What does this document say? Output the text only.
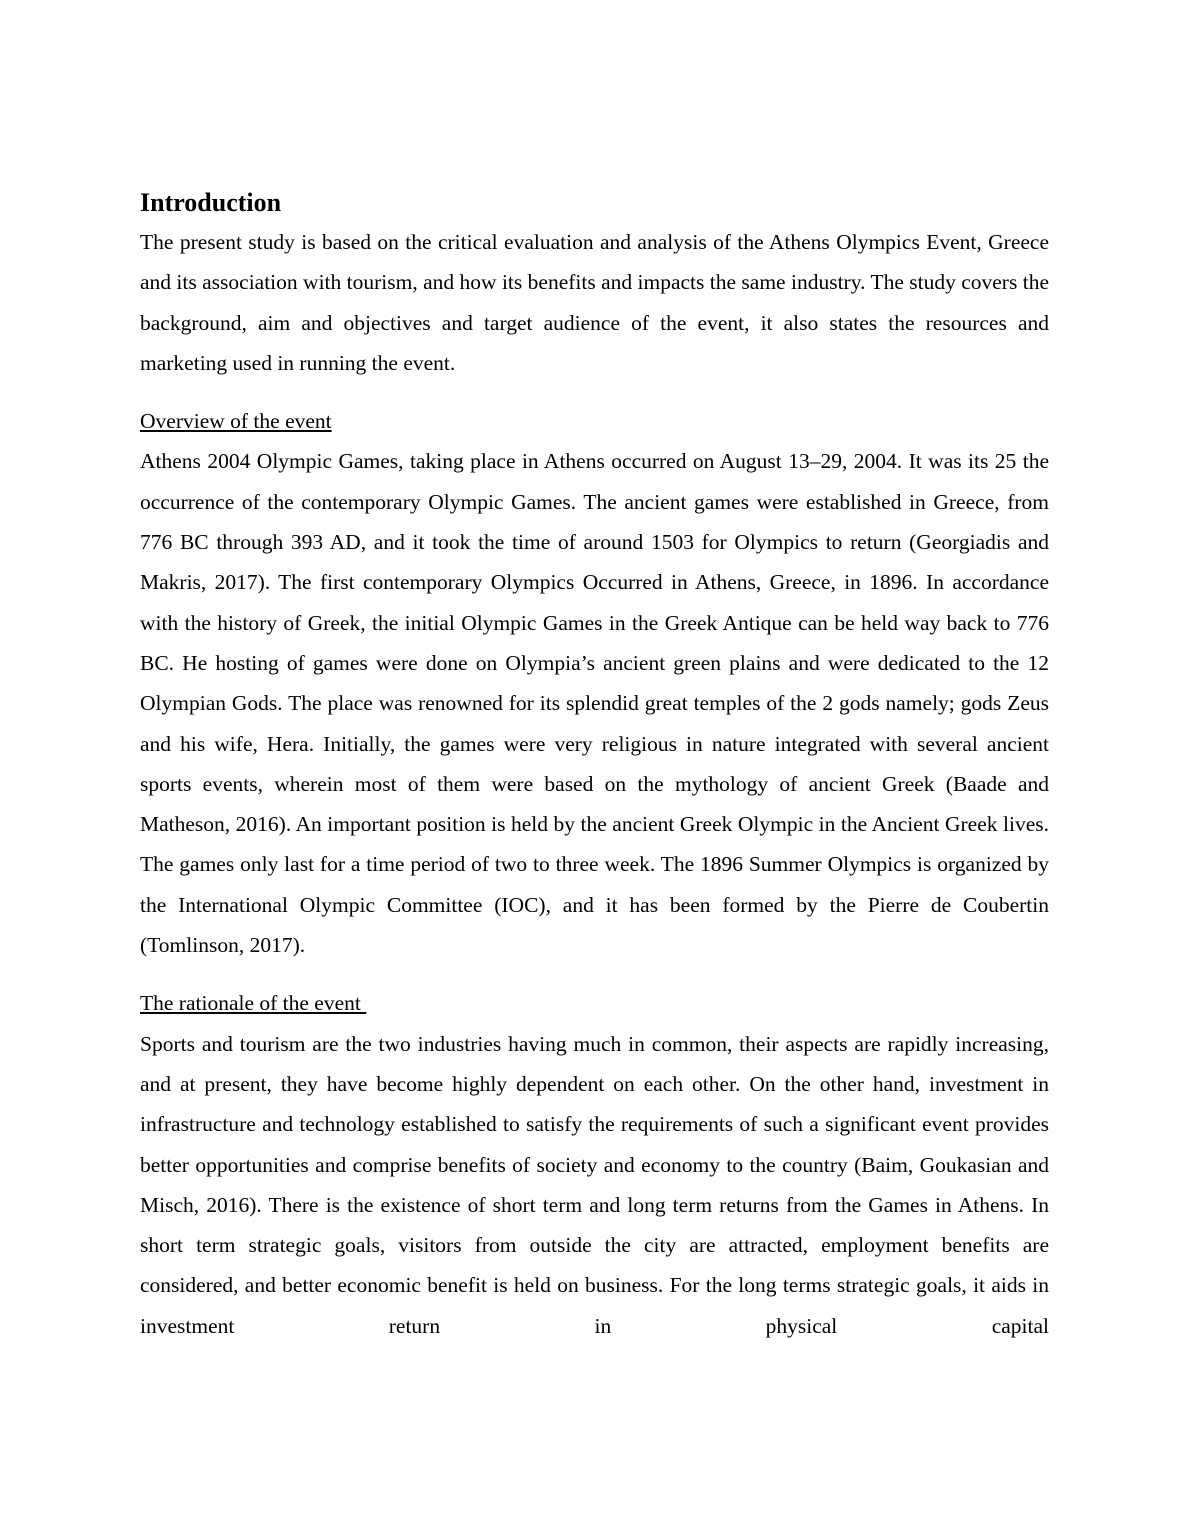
Introduction

The present study is based on the critical evaluation and analysis of the Athens Olympics Event, Greece and its association with tourism, and how its benefits and impacts the same industry. The study covers the background, aim and objectives and target audience of the event, it also states the resources and marketing used in running the event.

Overview of the event

Athens 2004 Olympic Games, taking place in Athens occurred on August 13–29, 2004. It was its 25 the occurrence of the contemporary Olympic Games. The ancient games were established in Greece, from 776 BC through 393 AD, and it took the time of around 1503 for Olympics to return (Georgiadis and Makris, 2017). The first contemporary Olympics Occurred in Athens, Greece, in 1896. In accordance with the history of Greek, the initial Olympic Games in the Greek Antique can be held way back to 776 BC. He hosting of games were done on Olympia’s ancient green plains and were dedicated to the 12 Olympian Gods. The place was renowned for its splendid great temples of the 2 gods namely; gods Zeus and his wife, Hera. Initially, the games were very religious in nature integrated with several ancient sports events, wherein most of them were based on the mythology of ancient Greek (Baade and Matheson, 2016). An important position is held by the ancient Greek Olympic in the Ancient Greek lives. The games only last for a time period of two to three week. The 1896 Summer Olympics is organized by the International Olympic Committee (IOC), and it has been formed by the Pierre de Coubertin (Tomlinson, 2017).

The rationale of the event

Sports and tourism are the two industries having much in common, their aspects are rapidly increasing, and at present, they have become highly dependent on each other. On the other hand, investment in infrastructure and technology established to satisfy the requirements of such a significant event provides better opportunities and comprise benefits of society and economy to the country (Baim, Goukasian and Misch, 2016). There is the existence of short term and long term returns from the Games in Athens. In short term strategic goals, visitors from outside the city are attracted, employment benefits are considered, and better economic benefit is held on business. For the long terms strategic goals, it aids in investment return in physical capital
